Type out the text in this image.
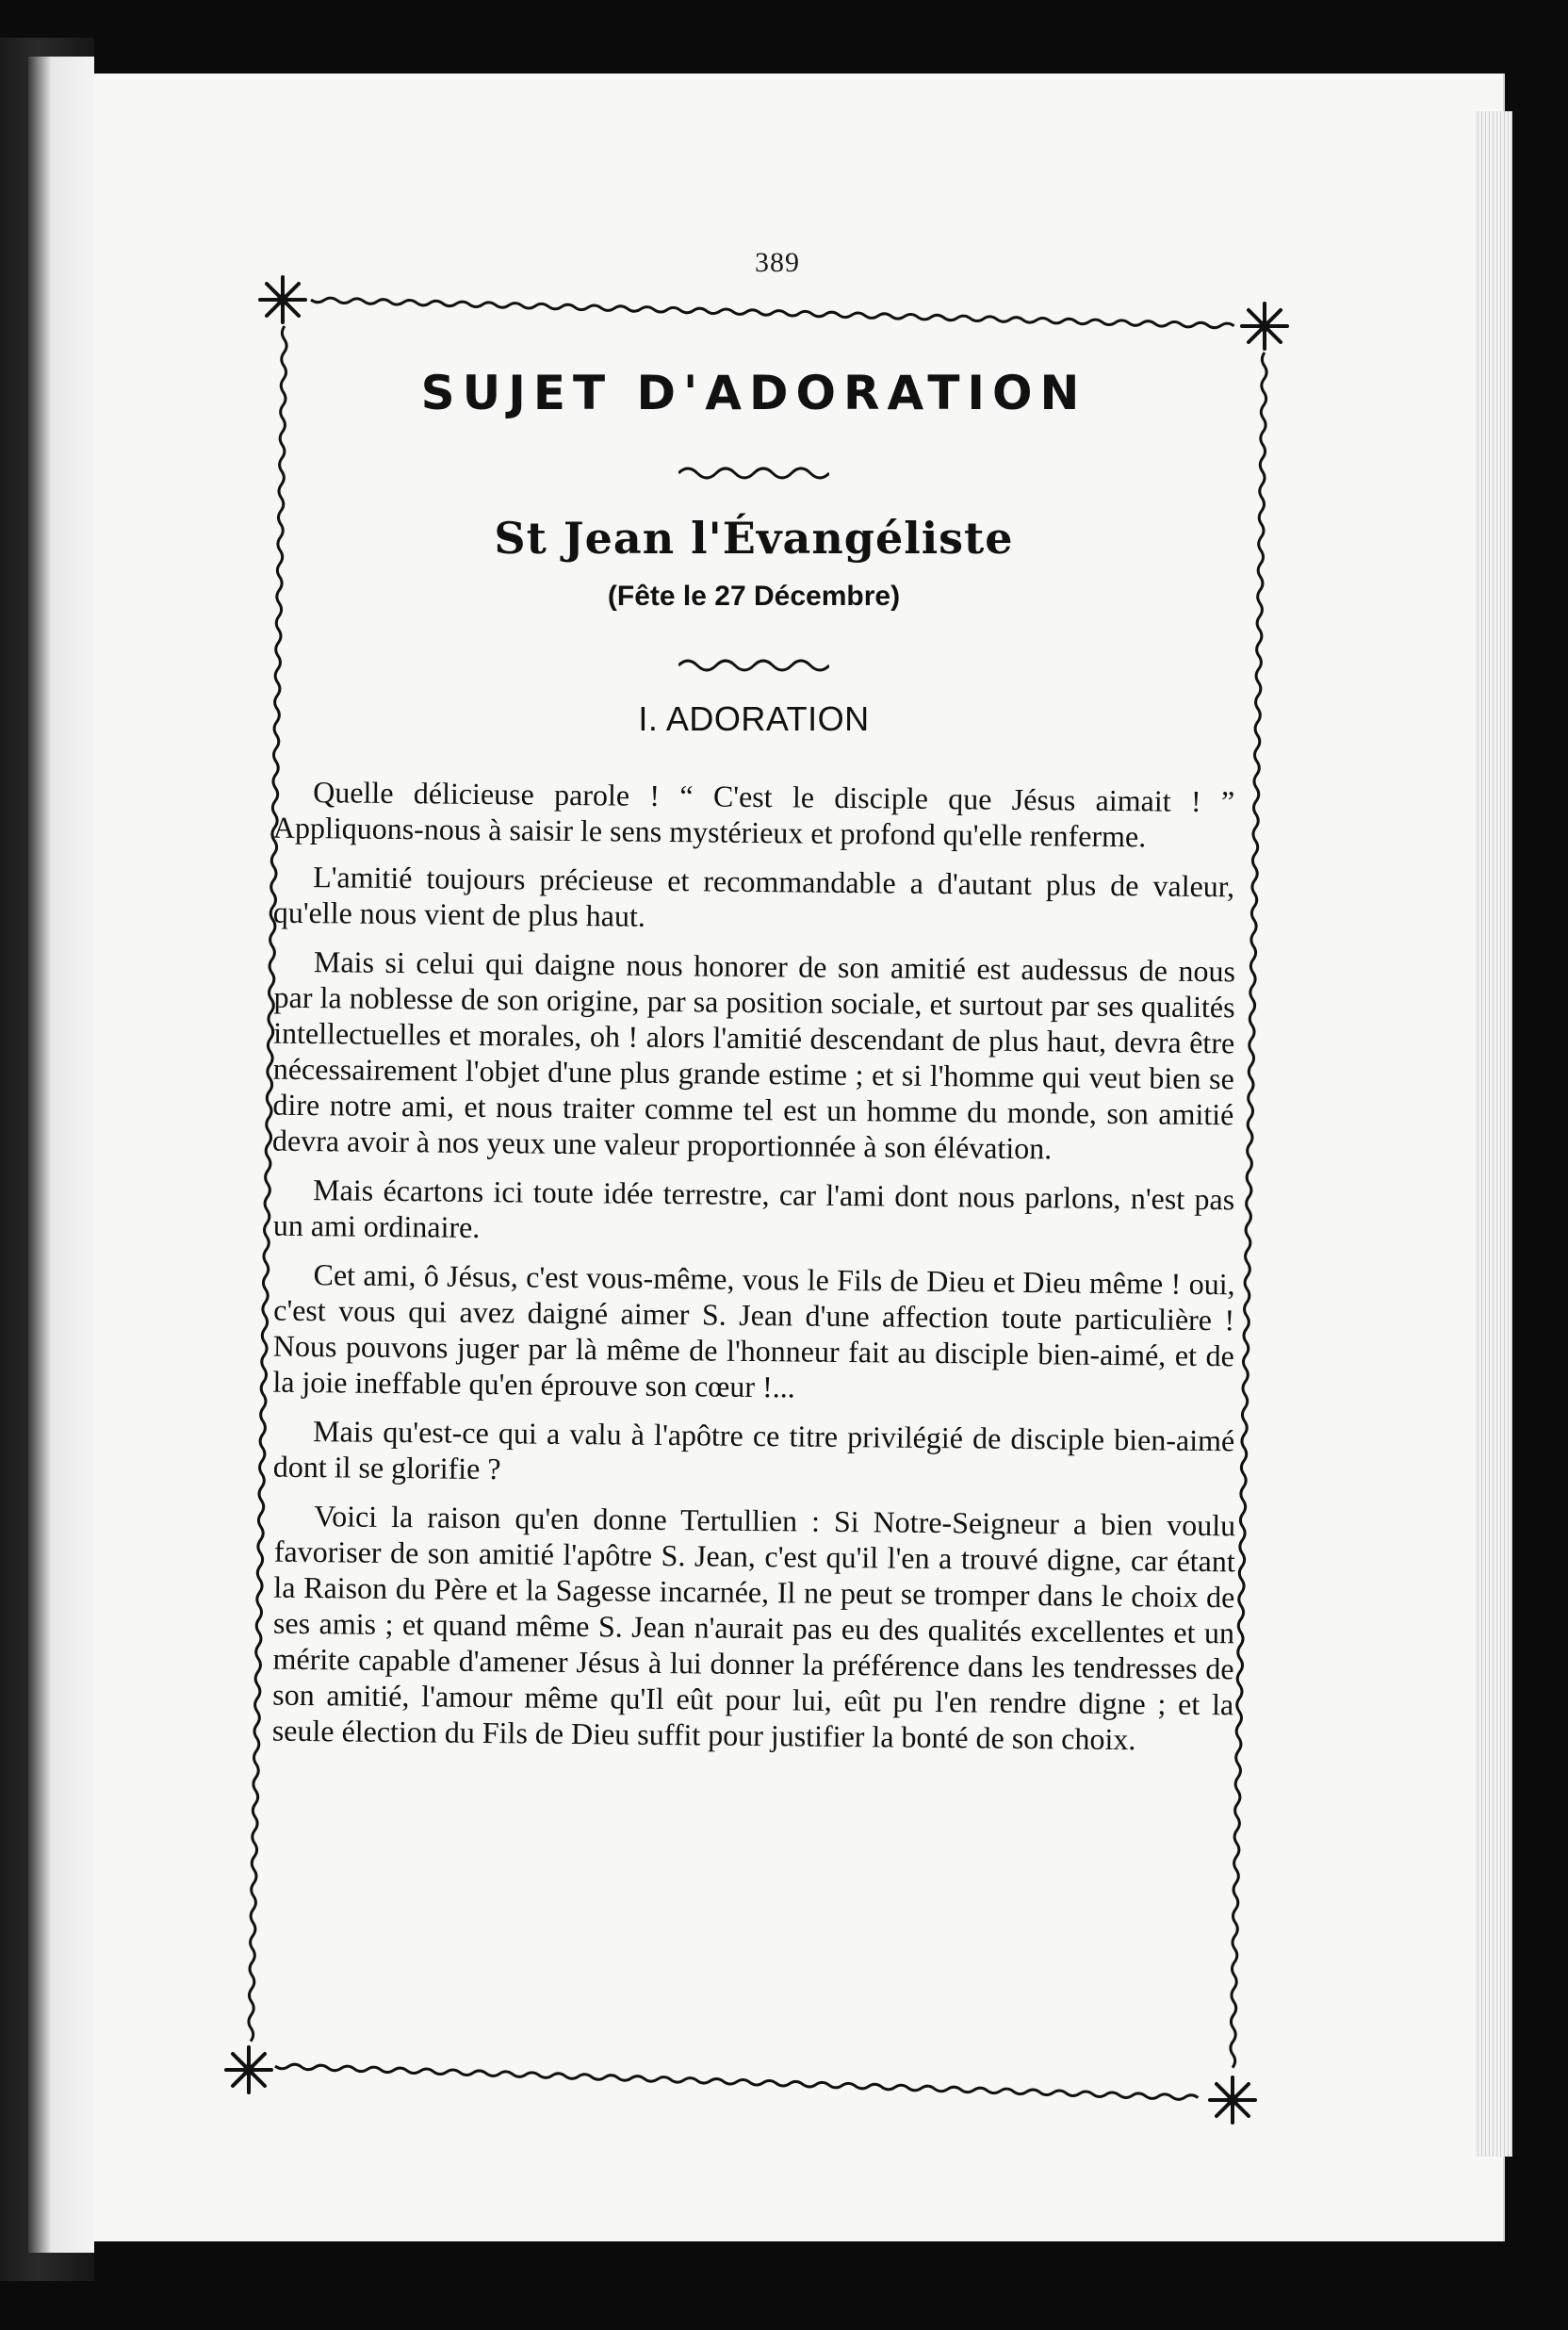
389
SUJET D'ADORATION
St Jean l'Évangéliste
(Fête le 27 Décembre)
I. ADORATION

Quelle délicieuse parole ! “ C'est le disciple que Jésus aimait ! ” Appliquons-nous à saisir le sens mystérieux et profond qu'elle renferme.

L'amitié toujours précieuse et recommandable a d'autant plus de valeur, qu'elle nous vient de plus haut.

Mais si celui qui daigne nous honorer de son amitié est audessus de nous par la noblesse de son origine, par sa position sociale, et surtout par ses qualités intellectuelles et morales, oh ! alors l'amitié descendant de plus haut, devra être nécessairement l'objet d'une plus grande estime ; et si l'homme qui veut bien se dire notre ami, et nous traiter comme tel est un homme du monde, son amitié devra avoir à nos yeux une valeur proportionnée à son élévation.

Mais écartons ici toute idée terrestre, car l'ami dont nous parlons, n'est pas un ami ordinaire.

Cet ami, ô Jésus, c'est vous-même, vous le Fils de Dieu et Dieu même ! oui, c'est vous qui avez daigné aimer S. Jean d'une affection toute particulière ! Nous pouvons juger par là même de l'honneur fait au disciple bien-aimé, et de la joie ineffable qu'en éprouve son cœur !...

Mais qu'est-ce qui a valu à l'apôtre ce titre privilégié de disciple bien-aimé dont il se glorifie ?

Voici la raison qu'en donne Tertullien : Si Notre-Seigneur a bien voulu favoriser de son amitié l'apôtre S. Jean, c'est qu'il l'en a trouvé digne, car étant la Raison du Père et la Sagesse incarnée, Il ne peut se tromper dans le choix de ses amis ; et quand même S. Jean n'aurait pas eu des qualités excellentes et un mérite capable d'amener Jésus à lui donner la préférence dans les tendresses de son amitié, l'amour même qu'Il eût pour lui, eût pu l'en rendre digne ; et la seule élection du Fils de Dieu suffit pour justifier la bonté de son choix.
